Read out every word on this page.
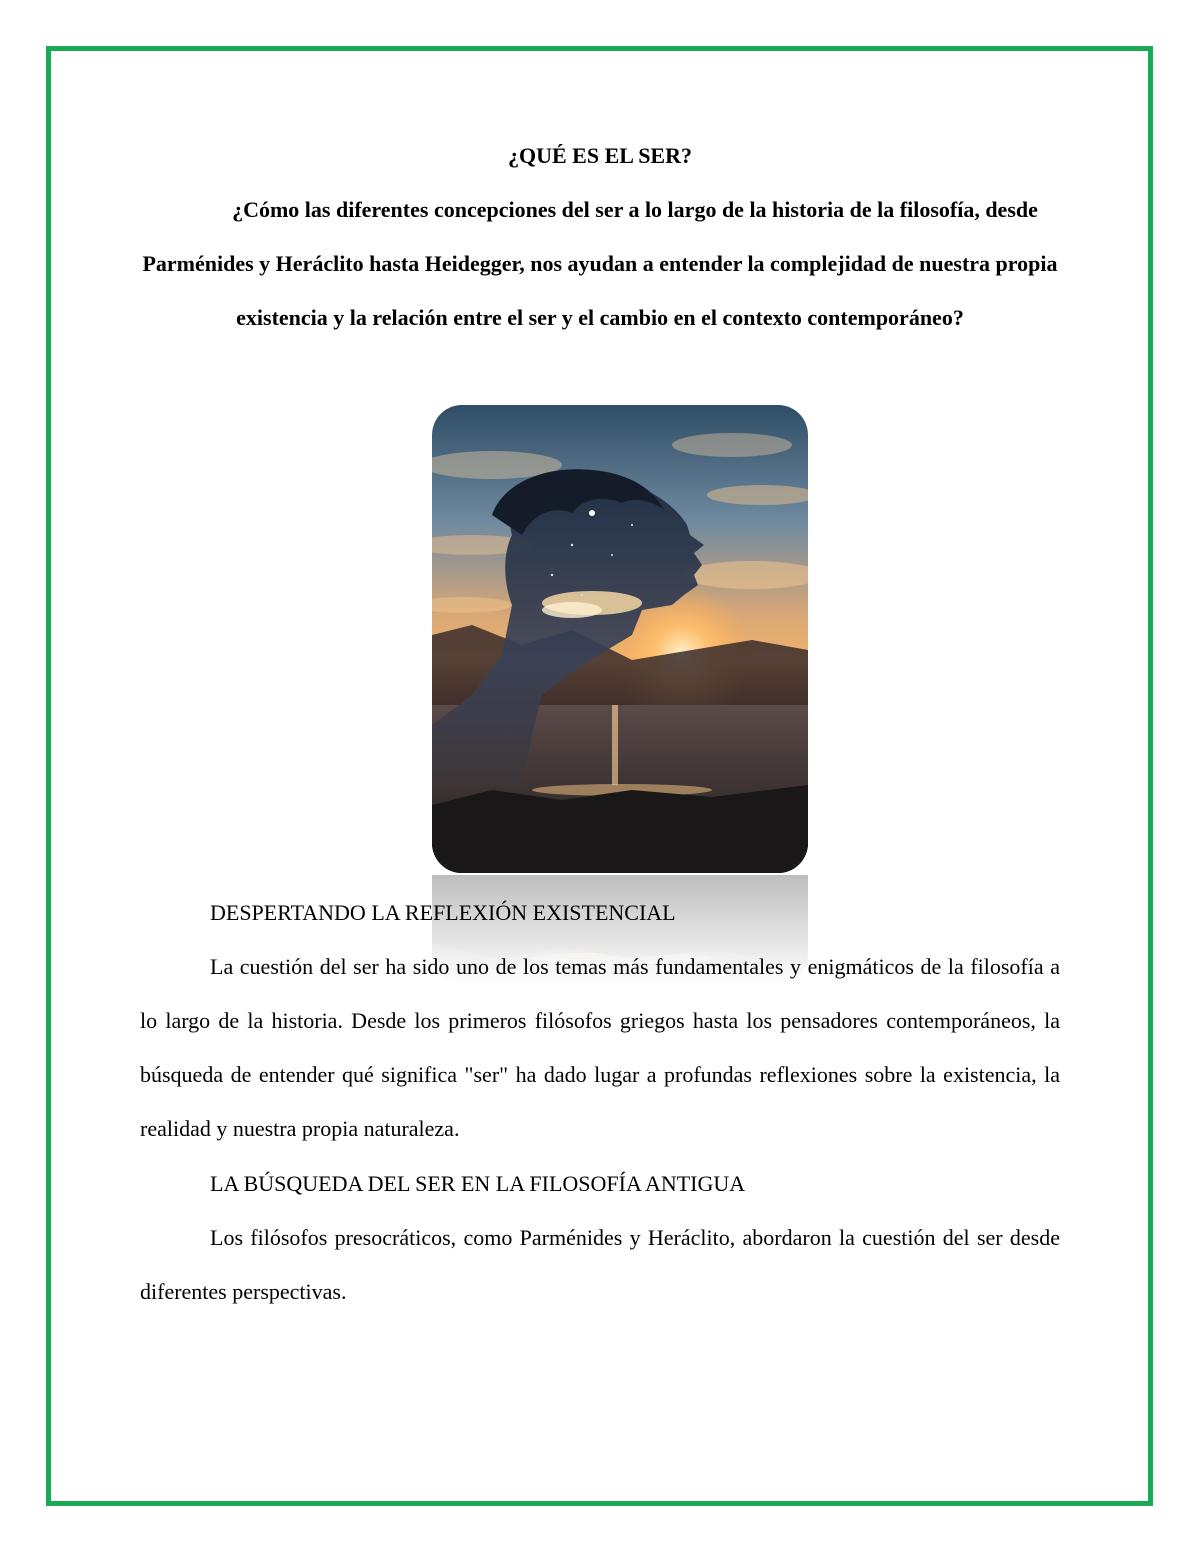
¿QUÉ ES EL SER?

¿Cómo las diferentes concepciones del ser a lo largo de la historia de la filosofía, desde Parménides y Heráclito hasta Heidegger, nos ayudan a entender la complejidad de nuestra propia existencia y la relación entre el ser y el cambio en el contexto contemporáneo?

DESPERTANDO LA REFLEXIÓN EXISTENCIAL

La cuestión del ser ha sido uno de los temas más fundamentales y enigmáticos de la filosofía a lo largo de la historia. Desde los primeros filósofos griegos hasta los pensadores contemporáneos, la búsqueda de entender qué significa "ser" ha dado lugar a profundas reflexiones sobre la existencia, la realidad y nuestra propia naturaleza.

LA BÚSQUEDA DEL SER EN LA FILOSOFÍA ANTIGUA

Los filósofos presocráticos, como Parménides y Heráclito, abordaron la cuestión del ser desde diferentes perspectivas.
